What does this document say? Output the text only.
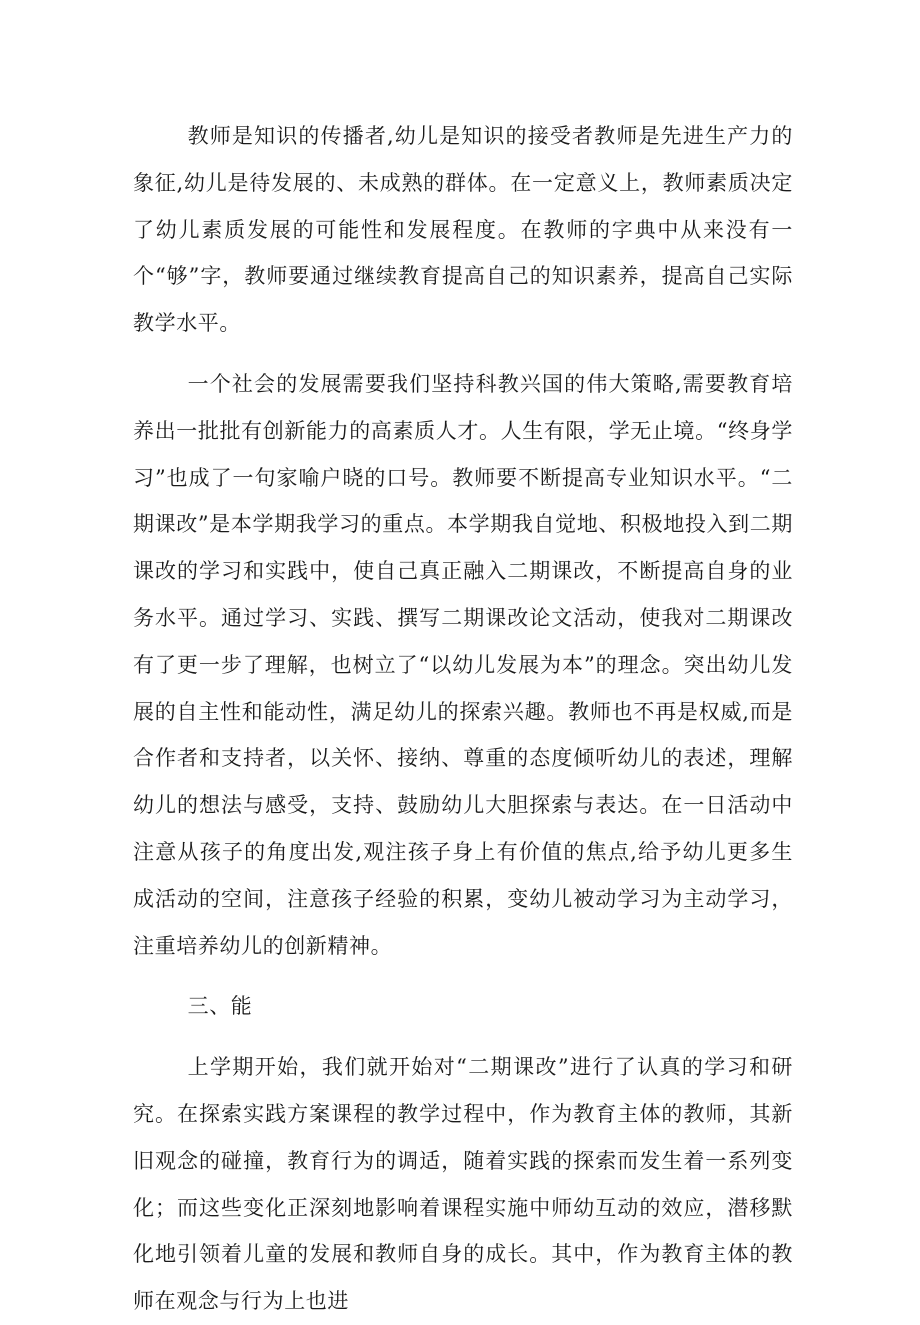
教师是知识的传播者,幼儿是知识的接受者教师是先进生产力的象征,幼儿是待发展的、未成熟的群体。在一定意义上，教师素质决定了幼儿素质发展的可能性和发展程度。在教师的字典中从来没有一个“够”字，教师要通过继续教育提高自己的知识素养，提高自己实际教学水平。

一个社会的发展需要我们坚持科教兴国的伟大策略,需要教育培养出一批批有创新能力的高素质人才。人生有限，学无止境。“终身学习”也成了一句家喻户晓的口号。教师要不断提高专业知识水平。“二期课改”是本学期我学习的重点。本学期我自觉地、积极地投入到二期课改的学习和实践中，使自己真正融入二期课改，不断提高自身的业务水平。通过学习、实践、撰写二期课改论文活动，使我对二期课改有了更一步了理解，也树立了“以幼儿发展为本”的理念。突出幼儿发展的自主性和能动性，满足幼儿的探索兴趣。教师也不再是权威,而是合作者和支持者，以关怀、接纳、尊重的态度倾听幼儿的表述，理解幼儿的想法与感受，支持、鼓励幼儿大胆探索与表达。在一日活动中注意从孩子的角度出发,观注孩子身上有价值的焦点,给予幼儿更多生成活动的空间，注意孩子经验的积累，变幼儿被动学习为主动学习，注重培养幼儿的创新精神。

三、能

上学期开始，我们就开始对“二期课改”进行了认真的学习和研究。在探索实践方案课程的教学过程中，作为教育主体的教师，其新旧观念的碰撞，教育行为的调适，随着实践的探索而发生着一系列变化；而这些变化正深刻地影响着课程实施中师幼互动的效应，潜移默化地引领着儿童的发展和教师自身的成长。其中，作为教育主体的教师在观念与行为上也进
